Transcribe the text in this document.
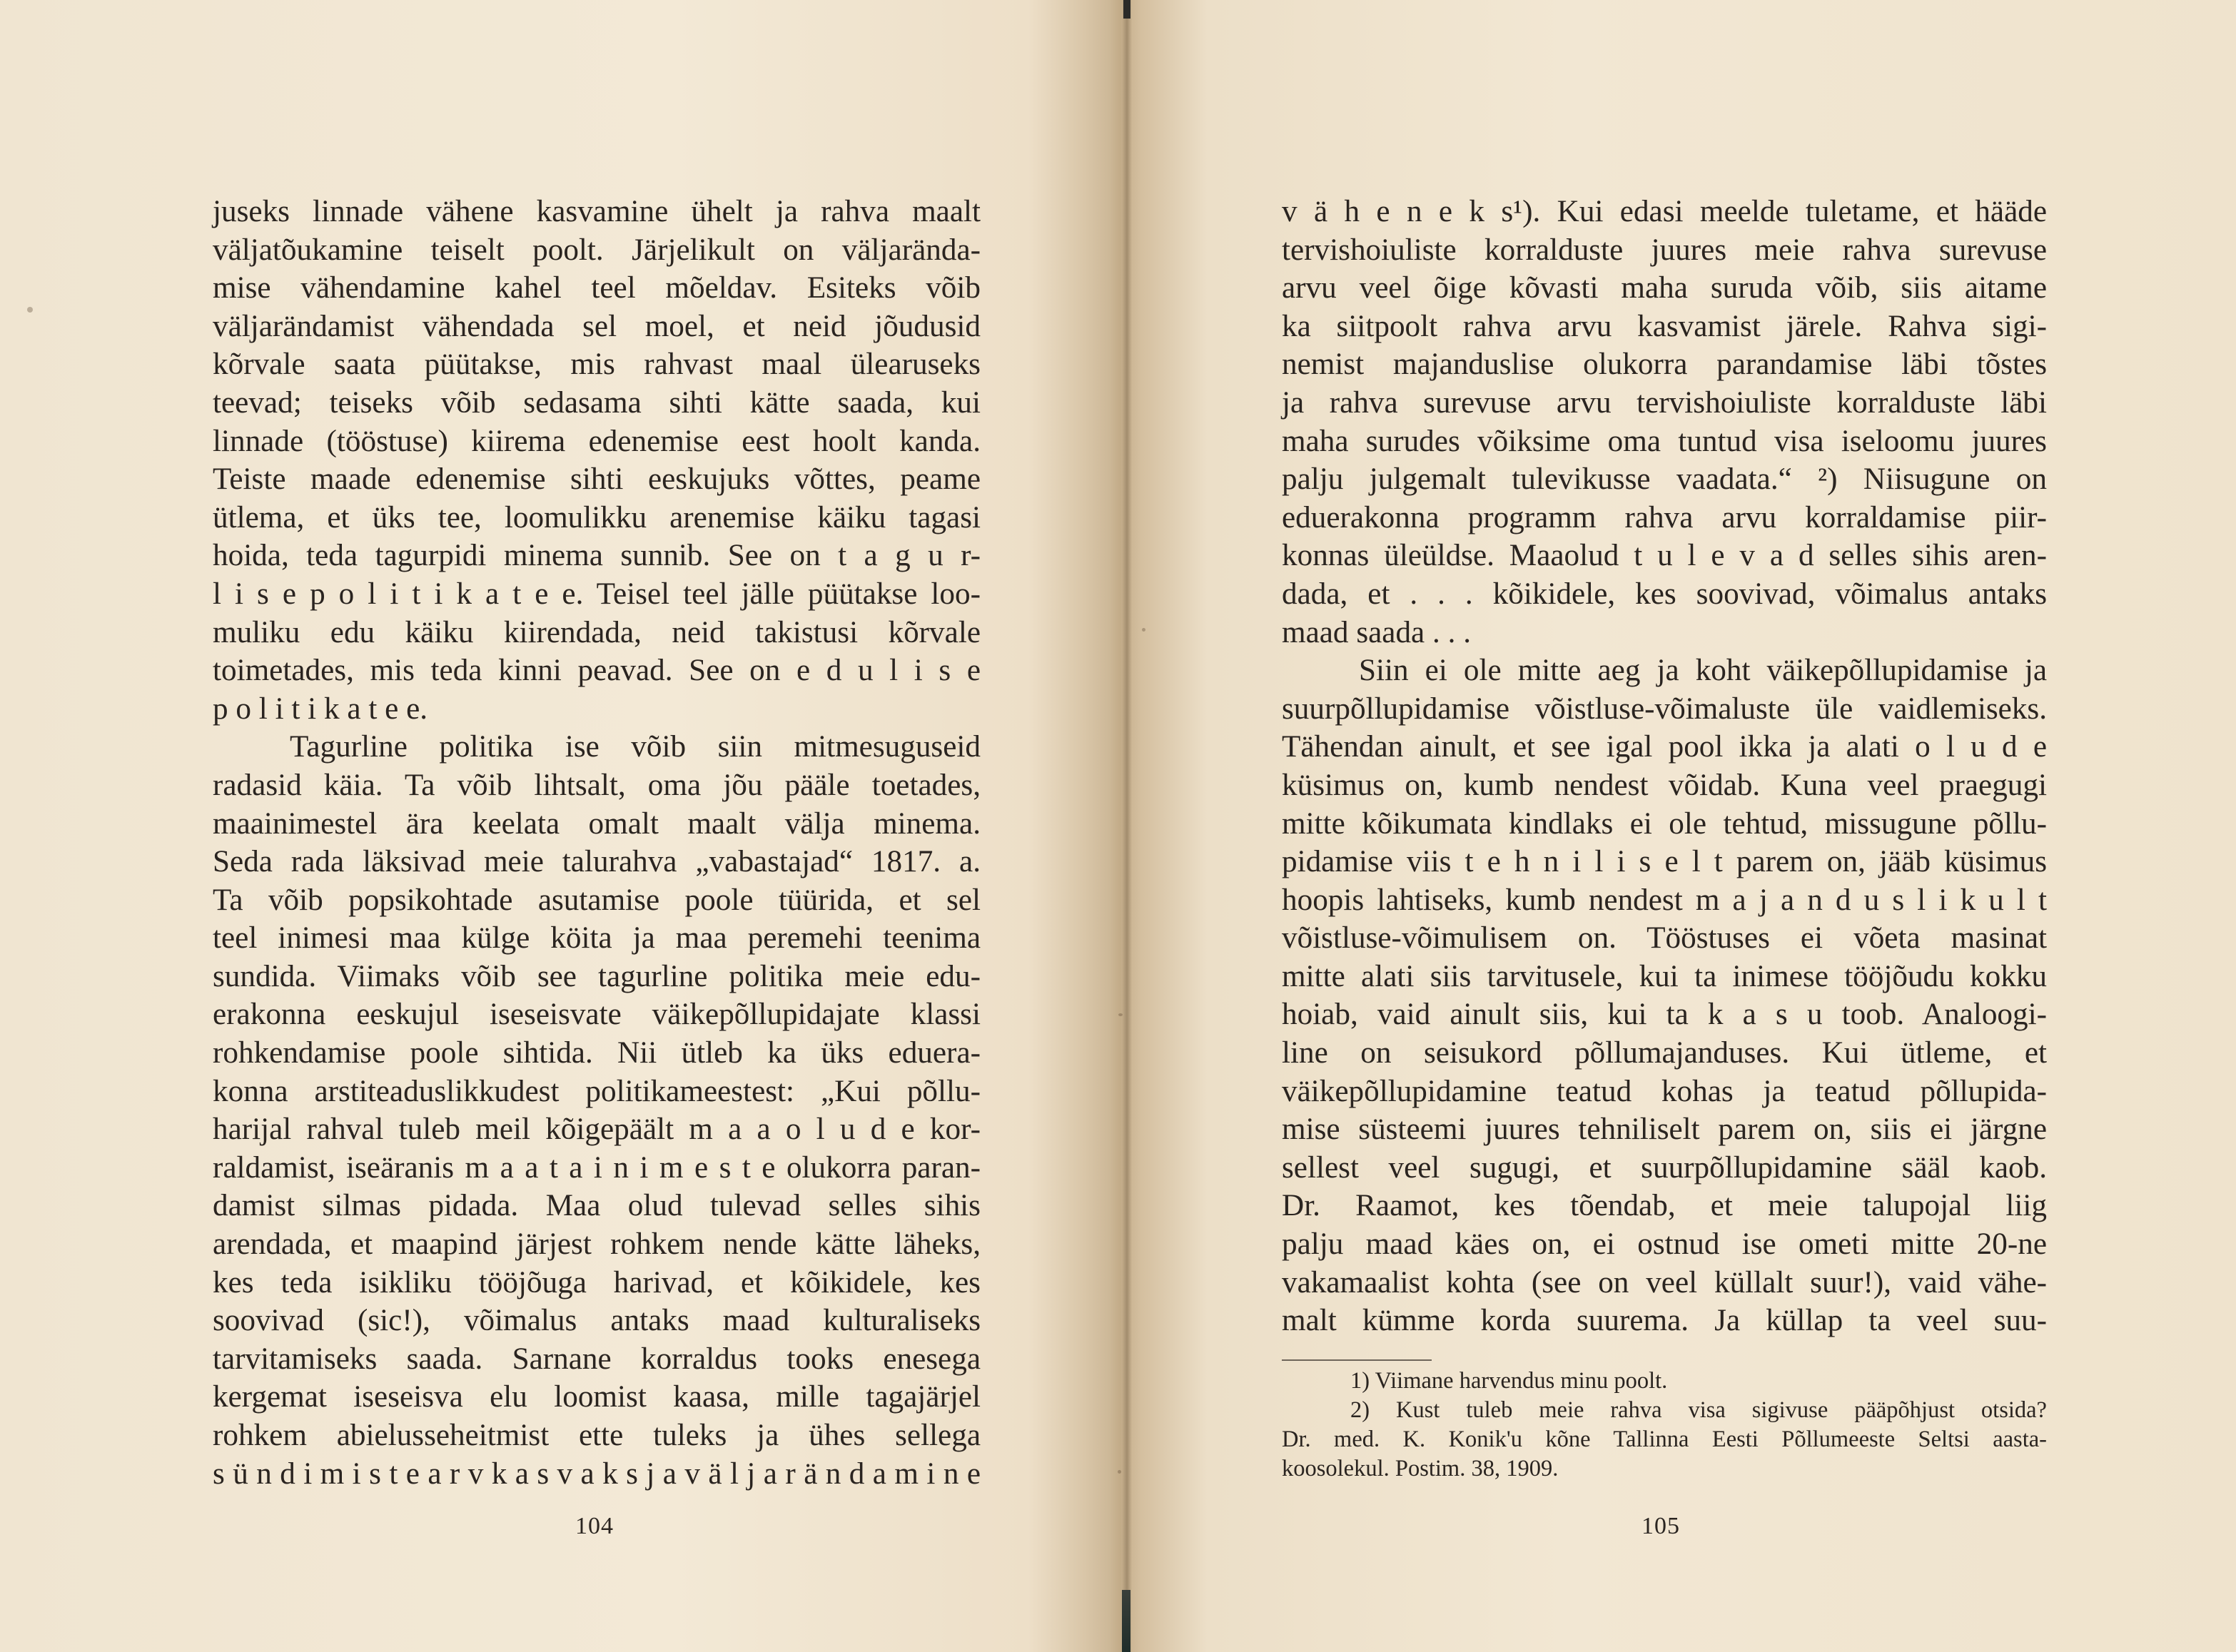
juseks linnade vähene kasvamine ühelt ja rahva maalt
väljatõukamine teiselt poolt. Järjelikult on väljarända-
mise vähendamine kahel teel mõeldav. Esiteks võib
väljarändamist vähendada sel moel, et neid jõudusid
kõrvale saata püütakse, mis rahvast maal ülearuseks
teevad; teiseks võib sedasama sihti kätte saada, kui
linnade (tööstuse) kiirema edenemise eest hoolt kanda.
Teiste maade edenemise sihti eeskujuks võttes, peame
ütlema, et üks tee, loomulikku arenemise käiku tagasi
hoida, teda tagurpidi minema sunnib. See on t a g u r-
l i s e p o l i t i k a t e e. Teisel teel jälle püütakse loo-
muliku edu käiku kiirendada, neid takistusi kõrvale
toimetades, mis teda kinni peavad. See on e d u l i s e
p o l i t i k a t e e.
Tagurline politika ise võib siin mitmesuguseid
radasid käia. Ta võib lihtsalt, oma jõu pääle toetades,
maainimestel ära keelata omalt maalt välja minema.
Seda rada läksivad meie talurahva „vabastajad“ 1817. a.
Ta võib popsikohtade asutamise poole tüürida, et sel
teel inimesi maa külge köita ja maa peremehi teenima
sundida. Viimaks võib see tagurline politika meie edu-
erakonna eeskujul iseseisvate väikepõllupidajate klassi
rohkendamise poole sihtida. Nii ütleb ka üks eduera-
konna arstiteaduslikkudest politikameestest: „Kui põllu-
harijal rahval tuleb meil kõigepäält m a a o l u d e kor-
raldamist, iseäranis m a a t a i n i m e s t e olukorra paran-
damist silmas pidada. Maa olud tulevad selles sihis
arendada, et maapind järjest rohkem nende kätte läheks,
kes teda isikliku tööjõuga harivad, et kõikidele, kes
soovivad (sic!), võimalus antaks maad kulturaliseks
tarvitamiseks saada. Sarnane korraldus tooks enesega
kergemat iseseisva elu loomist kaasa, mille tagajärjel
rohkem abielusseheitmist ette tuleks ja ühes sellega
s ü n d i m i s t e a r v k a s v a k s j a v ä l j a r ä n d a m i n e
104
v ä h e n e k s¹). Kui edasi meelde tuletame, et hääde
tervishoiuliste korralduste juures meie rahva surevuse
arvu veel õige kõvasti maha suruda võib, siis aitame
ka siitpoolt rahva arvu kasvamist järele. Rahva sigi-
nemist majanduslise olukorra parandamise läbi tõstes
ja rahva surevuse arvu tervishoiuliste korralduste läbi
maha surudes võiksime oma tuntud visa iseloomu juures
palju julgemalt tulevikusse vaadata.“ ²) Niisugune on
eduerakonna programm rahva arvu korraldamise piir-
konnas üleüldse. Maaolud t u l e v a d selles sihis aren-
dada, et . . . kõikidele, kes soovivad, võimalus antaks
maad saada . . .
Siin ei ole mitte aeg ja koht väikepõllupidamise ja
suurpõllupidamise võistluse-võimaluste üle vaidlemiseks.
Tähendan ainult, et see igal pool ikka ja alati o l u d e
küsimus on, kumb nendest võidab. Kuna veel praegugi
mitte kõikumata kindlaks ei ole tehtud, missugune põllu-
pidamise viis t e h n i l i s e l t parem on, jääb küsimus
hoopis lahtiseks, kumb nendest m a j a n d u s l i k u l t
võistluse-võimulisem on. Tööstuses ei võeta masinat
mitte alati siis tarvitusele, kui ta inimese tööjõudu kokku
hoiab, vaid ainult siis, kui ta k a s u toob. Analoogi-
line on seisukord põllumajanduses. Kui ütleme, et
väikepõllupidamine teatud kohas ja teatud põllupida-
mise süsteemi juures tehniliselt parem on, siis ei järgne
sellest veel sugugi, et suurpõllupidamine sääl kaob.
Dr. Raamot, kes tõendab, et meie talupojal liig
palju maad käes on, ei ostnud ise ometi mitte 20-ne
vakamaalist kohta (see on veel küllalt suur!), vaid vähe-
malt kümme korda suurema. Ja küllap ta veel suu-
1) Viimane harvendus minu poolt.
2) Kust tuleb meie rahva visa sigivuse pääpõhjust otsida?
Dr. med. K. Konik'u kõne Tallinna Eesti Põllumeeste Seltsi aasta-
koosolekul. Postim. 38, 1909.
105
